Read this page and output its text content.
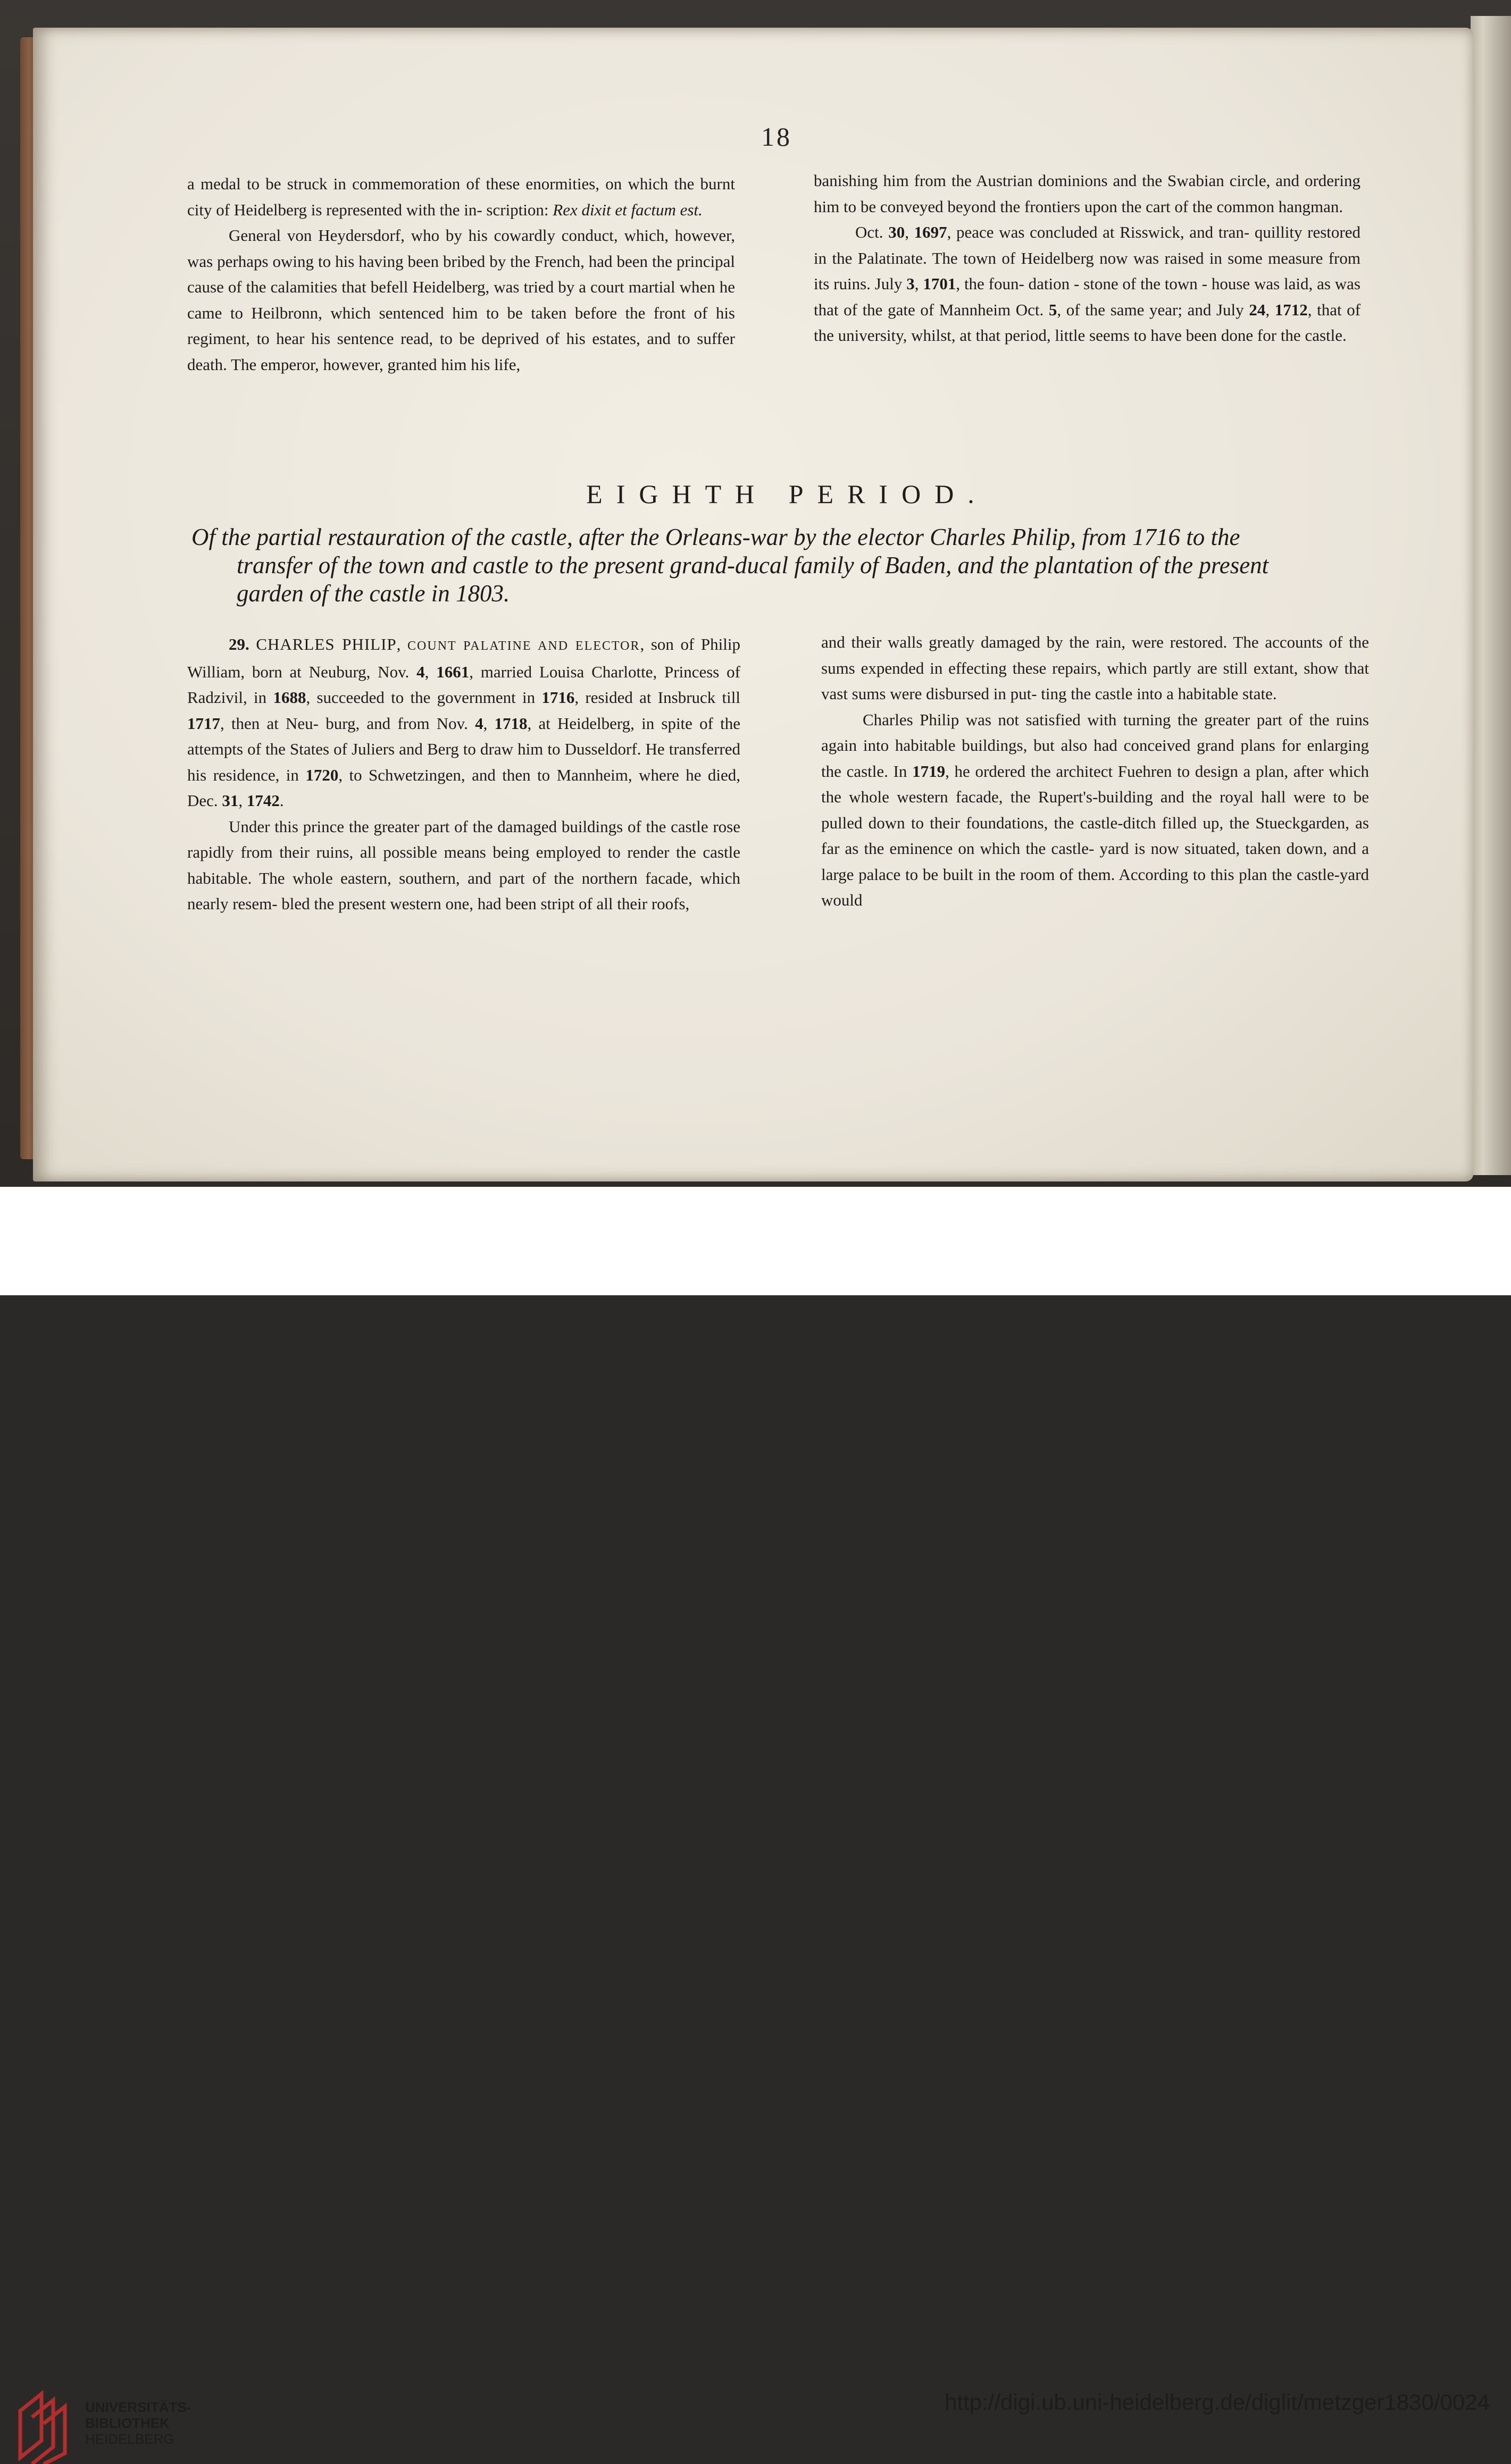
18

a medal to be struck in commemoration of these enormities, on which the burnt city of Heidelberg is represented with the in- scription: Rex dixit et factum est.

General von Heydersdorf, who by his cowardly conduct, which, however, was perhaps owing to his having been bribed by the French, had been the principal cause of the calamities that befell Heidelberg, was tried by a court martial when he came to Heilbronn, which sentenced him to be taken before the front of his regiment, to hear his sentence read, to be deprived of his estates, and to suffer death. The emperor, however, granted him his life,

banishing him from the Austrian dominions and the Swabian circle, and ordering him to be conveyed beyond the frontiers upon the cart of the common hangman.

Oct. 30, 1697, peace was concluded at Risswick, and tran- quillity restored in the Palatinate. The town of Heidelberg now was raised in some measure from its ruins. July 3, 1701, the foun- dation - stone of the town - house was laid, as was that of the gate of Mannheim Oct. 5, of the same year; and July 24, 1712, that of the university, whilst, at that period, little seems to have been done for the castle.

EIGHTH PERIOD.
Of the partial restauration of the castle, after the Orleans-war by the elector Charles Philip, from 1716 to the
transfer of the town and castle to the present grand-ducal family of Baden, and the plantation of the present
garden of the castle in 1803.

29. CHARLES PHILIP, COUNT PALATINE AND ELECTOR, son of Philip William, born at Neuburg, Nov. 4, 1661, married Louisa Charlotte, Princess of Radzivil, in 1688, succeeded to the government in 1716, resided at Insbruck till 1717, then at Neu- burg, and from Nov. 4, 1718, at Heidelberg, in spite of the attempts of the States of Juliers and Berg to draw him to Dusseldorf. He transferred his residence, in 1720, to Schwetzingen, and then to Mannheim, where he died, Dec. 31, 1742.

Under this prince the greater part of the damaged buildings of the castle rose rapidly from their ruins, all possible means being employed to render the castle habitable. The whole eastern, southern, and part of the northern facade, which nearly resem- bled the present western one, had been stript of all their roofs,

and their walls greatly damaged by the rain, were restored. The accounts of the sums expended in effecting these repairs, which partly are still extant, show that vast sums were disbursed in put- ting the castle into a habitable state.

Charles Philip was not satisfied with turning the greater part of the ruins again into habitable buildings, but also had conceived grand plans for enlarging the castle. In 1719, he ordered the architect Fuehren to design a plan, after which the whole western facade, the Rupert's-building and the royal hall were to be pulled down to their foundations, the castle-ditch filled up, the Stueckgarden, as far as the eminence on which the castle- yard is now situated, taken down, and a large palace to be built in the room of them. According to this plan the castle-yard would

UNIVERSITÄTS-
BIBLIOTHEK
HEIDELBERG
http://digi.ub.uni-heidelberg.de/diglit/metzger1830/0024
